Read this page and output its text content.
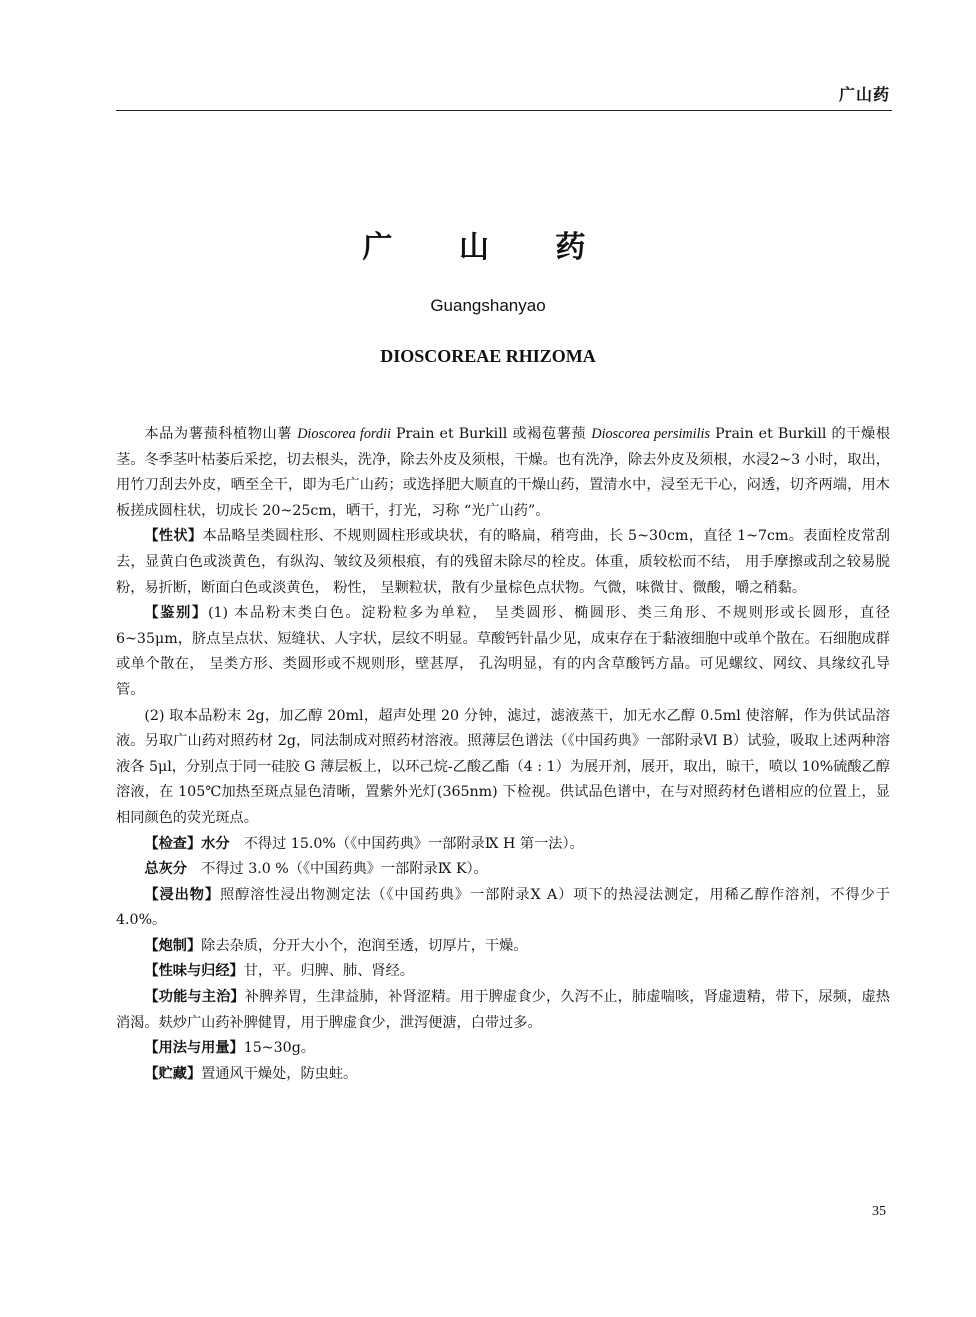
广山药
广 山 药
Guangshanyao
DIOSCOREAE RHIZOMA

本品为薯蓣科植物山薯 Dioscorea fordii Prain et Burkill 或褐苞薯蓣 Dioscorea persimilis Prain et Burkill 的干燥根茎。冬季茎叶枯萎后采挖，切去根头，洗净，除去外皮及须根，干燥。也有洗净，除去外皮及须根，水浸2~3 小时，取出，用竹刀刮去外皮，晒至全干，即为毛广山药；或选择肥大顺直的干燥山药，置清水中，浸至无干心，闷透，切齐两端，用木板搓成圆柱状，切成长 20~25cm，晒干，打光，习称 “光广山药”。

【性状】本品略呈类圆柱形、不规则圆柱形或块状，有的略扁，稍弯曲，长 5~30cm，直径 1~7cm。表面栓皮常刮去，显黄白色或淡黄色，有纵沟、皱纹及须根痕，有的残留未除尽的栓皮。体重，质较松而不结， 用手摩擦或刮之较易脱粉，易折断，断面白色或淡黄色， 粉性， 呈颗粒状，散有少量棕色点状物。气微，味微甘、微酸，嚼之稍黏。

【鉴别】(1) 本品粉末类白色。淀粉粒多为单粒， 呈类圆形、椭圆形、类三角形、不规则形或长圆形，直径 6~35μm，脐点呈点状、短缝状、人字状，层纹不明显。草酸钙针晶少见，成束存在于黏液细胞中或单个散在。石细胞成群或单个散在， 呈类方形、类圆形或不规则形，壁甚厚， 孔沟明显，有的内含草酸钙方晶。可见螺纹、网纹、具缘纹孔导管。

(2) 取本品粉末 2g，加乙醇 20ml，超声处理 20 分钟，滤过，滤液蒸干，加无水乙醇 0.5ml 使溶解，作为供试品溶液。另取广山药对照药材 2g，同法制成对照药材溶液。照薄层色谱法（《中国药典》一部附录Ⅵ B）试验，吸取上述两种溶液各 5μl，分别点于同一硅胶 G 薄层板上，以环己烷-乙酸乙酯（4 : 1）为展开剂，展开，取出，晾干，喷以 10%硫酸乙醇溶液，在 105℃加热至斑点显色清晰，置紫外光灯(365nm) 下检视。供试品色谱中，在与对照药材色谱相应的位置上，显相同颜色的荧光斑点。

【检查】水分　不得过 15.0%（《中国药典》一部附录Ⅸ H 第一法）。

总灰分　不得过 3.0 %（《中国药典》一部附录Ⅸ K）。

【浸出物】照醇溶性浸出物测定法（《中国药典》一部附录Ⅹ A）项下的热浸法测定，用稀乙醇作溶剂，不得少于 4.0%。

【炮制】除去杂质，分开大小个，泡润至透，切厚片，干燥。

【性味与归经】甘，平。归脾、肺、肾经。

【功能与主治】补脾养胃，生津益肺，补肾涩精。用于脾虚食少，久泻不止，肺虚喘咳，肾虚遗精，带下，尿频，虚热消渴。麸炒广山药补脾健胃，用于脾虚食少，泄泻便溏，白带过多。

【用法与用量】15~30g。

【贮藏】置通风干燥处，防虫蛀。

35
